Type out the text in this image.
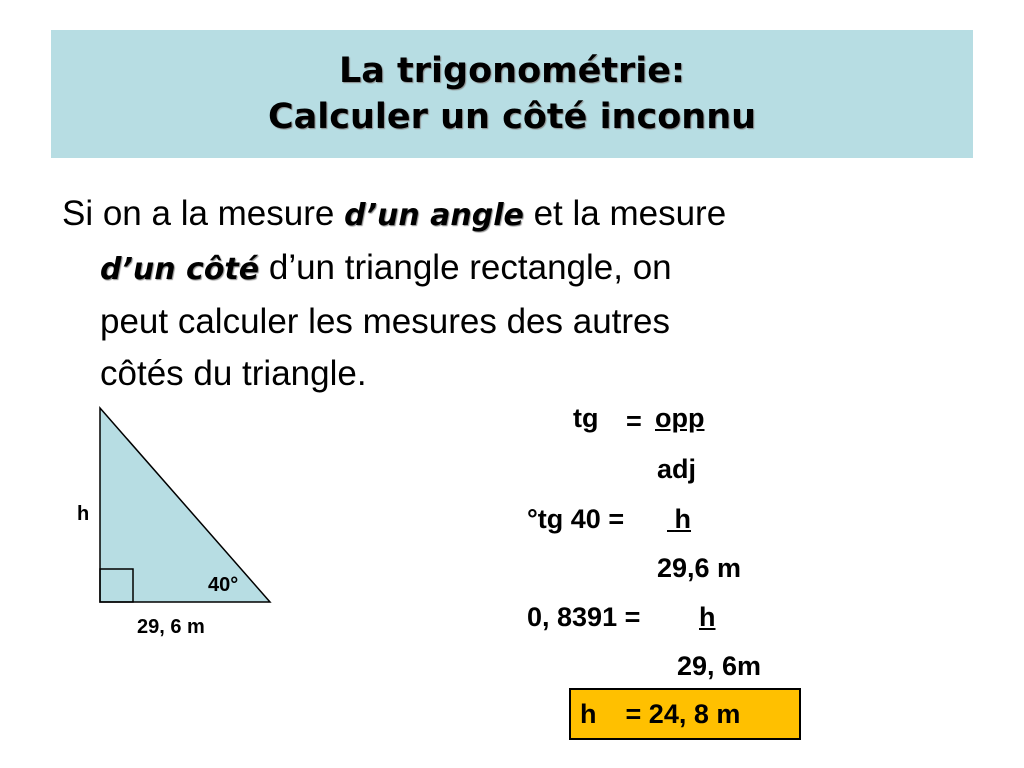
La trigonométrie:
Calculer un côté inconnu
Si on a la mesure d’un angle et la mesure
d’un côté d’un triangle rectangle, on
peut calculer les mesures des autres
côtés du triangle.
h
40°
29, 6 m
tg = opp
adj
°tg 40 = h
29,6 m
0, 8391 = h
29, 6m
h = 24, 8 m
